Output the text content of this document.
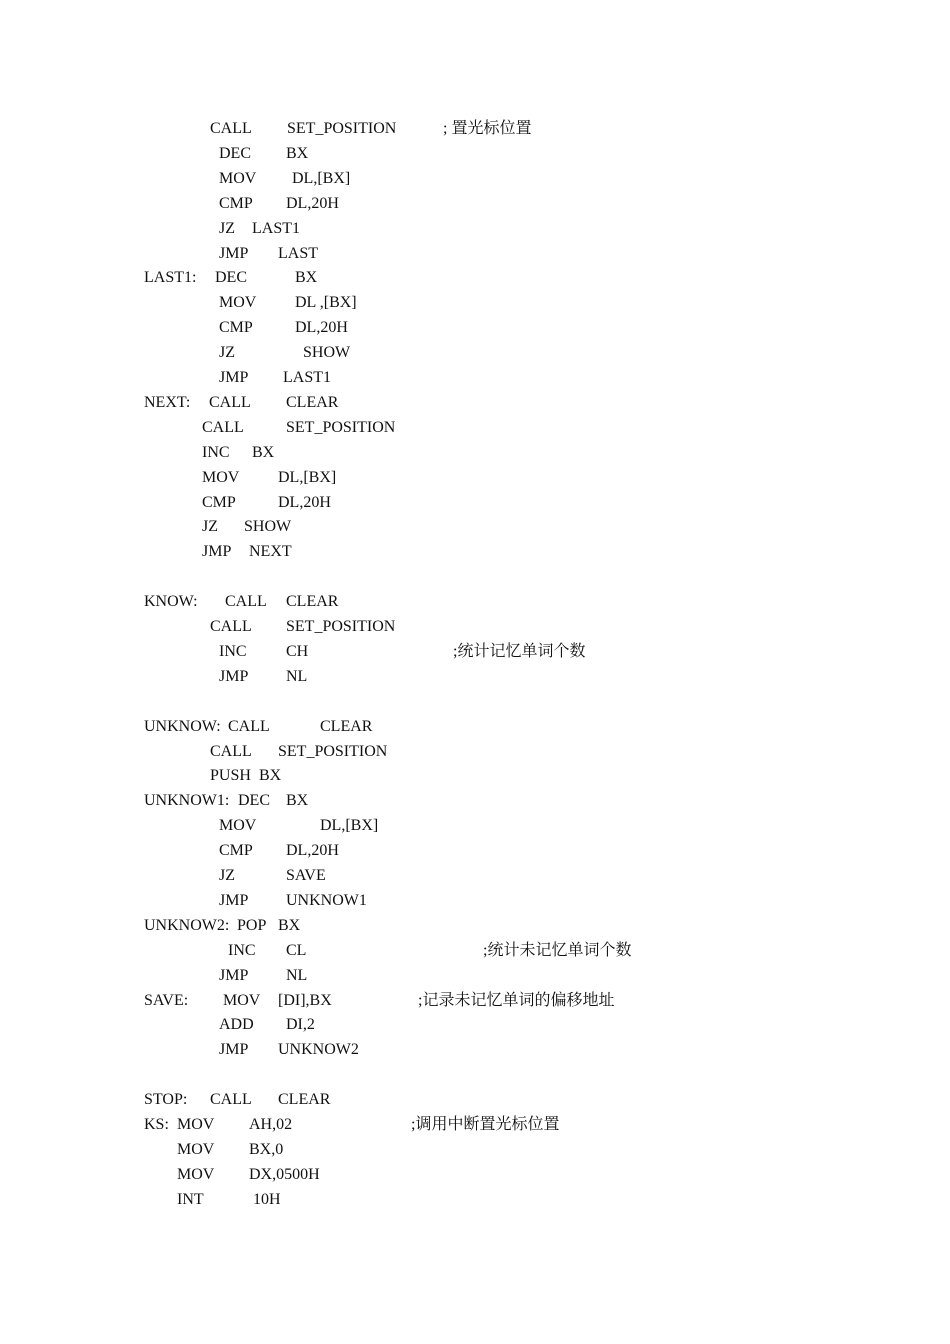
CALL SET_POSITION	; 置光标位置
DEC BX
MOV DL,[BX]
CMP DL,20H
JZ LAST1
JMP LAST
LAST1: DEC	BX
MOV DL ,[BX]
CMP	DL,20H
JZ	SHOW
JMP LAST1
NEXT: CALL CLEAR
CALL	SET_POSITION
INC BX
MOV DL,[BX]
CMP	DL,20H
JZ SHOW
JMP NEXT
KNOW: CALL CLEAR
CALL SET_POSITION
INC CH	;统计记忆单词个数
JMP NL
UNKNOW: CALL	CLEAR
CALL SET_POSITION
PUSH BX
UNKNOW1: DEC BX
MOV	DL,[BX]
CMP DL,20H
JZ	SAVE
JMP UNKNOW1
UNKNOW2: POP BX
INC CL	;统计未记忆单词个数
JMP NL
SAVE: MOV [DI],BX	;记录未记忆单词的偏移地址
ADD DI,2
JMP UNKNOW2
STOP: CALL CLEAR
KS: MOV AH,02	;调用中断置光标位置
MOV BX,0
MOV DX,0500H
INT	10H
